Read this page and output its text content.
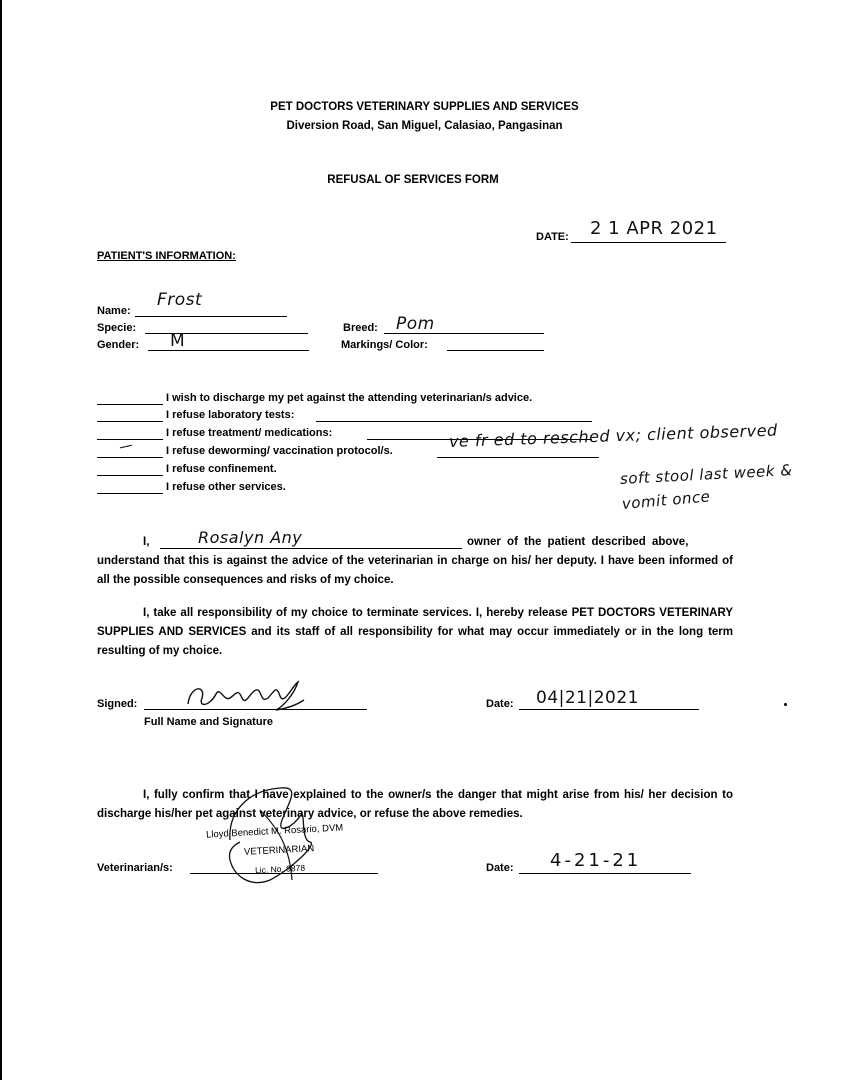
PET DOCTORS VETERINARY SUPPLIES AND SERVICES
Diversion Road, San Miguel, Calasiao, Pangasinan
REFUSAL OF SERVICES FORM
DATE: 2 1 APR 2021
PATIENT'S INFORMATION:
Name:
Frost
Specie:
Gender: M
Breed: Pom
Markings/ Color:
I wish to discharge my pet against the attending veterinarian/s advice.
I refuse laboratory tests:
I refuse treatment/ medications:
/	I refuse deworming/ vaccination protocol/s.
I refuse confinement.
I refuse other services.
ve fr ed to resched vx; client observed
soft stool last week &
vomit once
I,	Rosalyn Any	owner of the patient described above,
understand that this is against the advice of the veterinarian in charge on his/ her deputy. I have been informed of all the possible consequences and risks of my choice.
I, take all responsibility of my choice to terminate services. I, hereby release PET DOCTORS VETERINARY SUPPLIES AND SERVICES and its staff of all responsibility for what may occur immediately or in the long term resulting of my choice.
Signed:
Full Name and Signature
Date: 04|21|2021
I, fully confirm that I have explained to the owner/s the danger that might arise from his/ her decision to discharge his/her pet against veterinary advice, or refuse the above remedies.
Veterinarian/s:
Lloyd Benedict M. Rosario, DVM
VETERINARIAN
Lic. No. 9878	Date: 4-21-21
